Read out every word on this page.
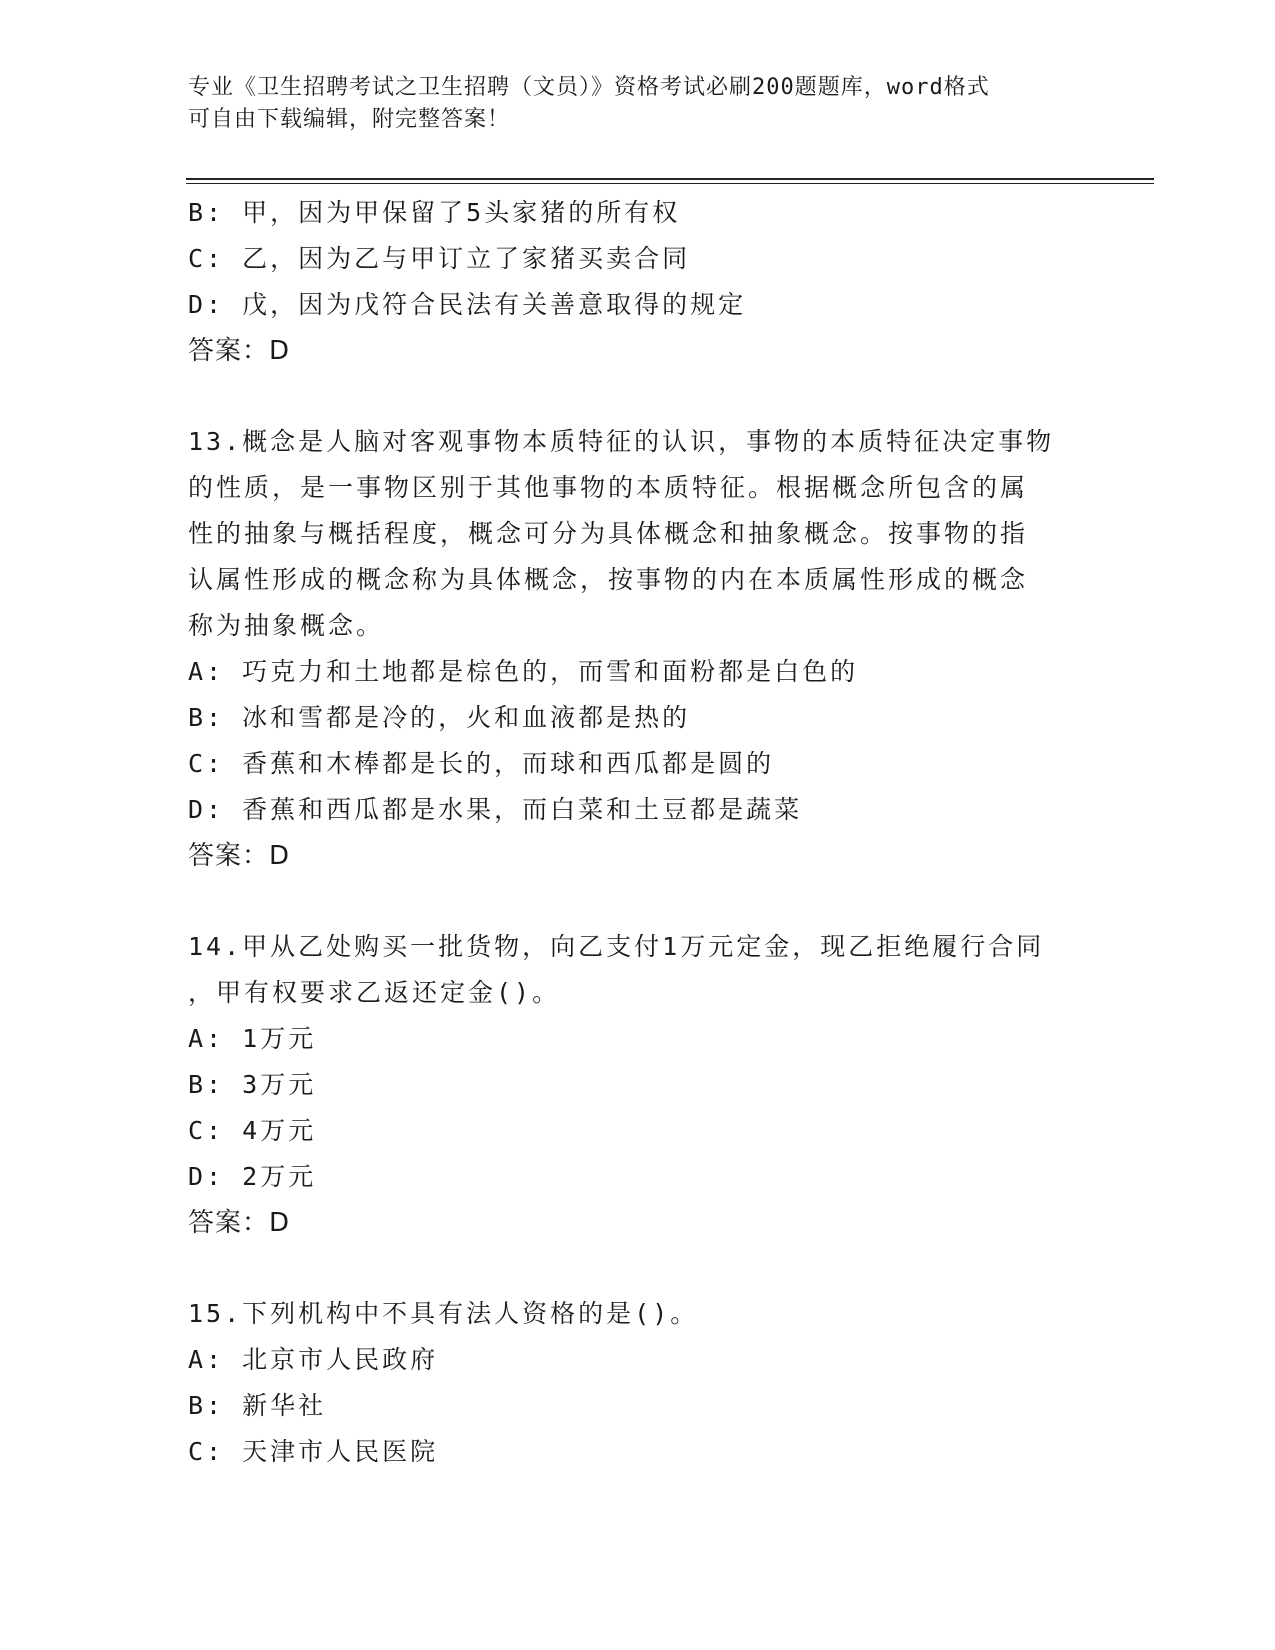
专业《卫生招聘考试之卫生招聘（文员）》资格考试必刷200题题库，word格式
可自由下载编辑，附完整答案！
B: 甲，因为甲保留了5头家猪的所有权
C: 乙，因为乙与甲订立了家猪买卖合同
D: 戊，因为戊符合民法有关善意取得的规定
答案：D
13.概念是人脑对客观事物本质特征的认识，事物的本质特征决定事物
的性质，是一事物区别于其他事物的本质特征。根据概念所包含的属
性的抽象与概括程度，概念可分为具体概念和抽象概念。按事物的指
认属性形成的概念称为具体概念，按事物的内在本质属性形成的概念
称为抽象概念。
A: 巧克力和土地都是棕色的，而雪和面粉都是白色的
B: 冰和雪都是冷的，火和血液都是热的
C: 香蕉和木棒都是长的，而球和西瓜都是圆的
D: 香蕉和西瓜都是水果，而白菜和土豆都是蔬菜
答案：D
14.甲从乙处购买一批货物，向乙支付1万元定金，现乙拒绝履行合同
，甲有权要求乙返还定金()。
A: 1万元
B: 3万元
C: 4万元
D: 2万元
答案：D
15.下列机构中不具有法人资格的是()。
A: 北京市人民政府
B: 新华社
C: 天津市人民医院
